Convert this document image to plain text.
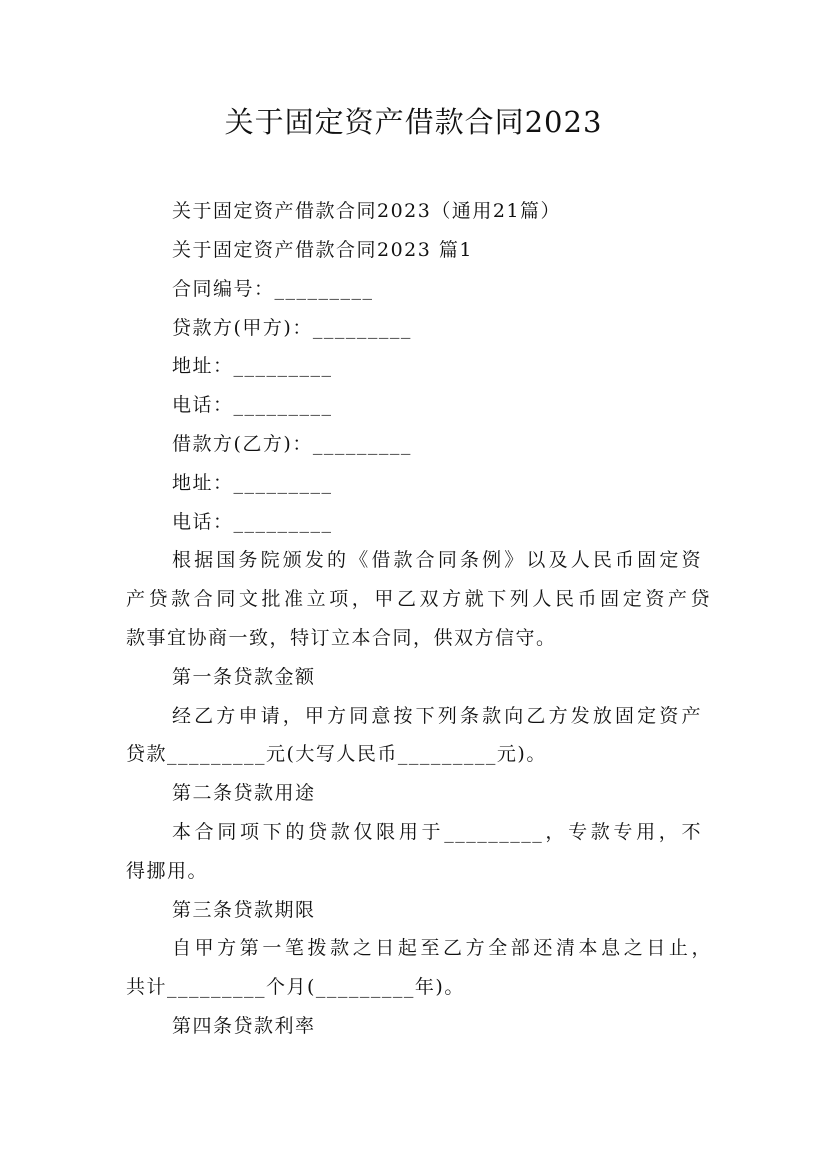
关于固定资产借款合同2023
关于固定资产借款合同2023（通用21篇）
关于固定资产借款合同2023 篇1
合同编号：_________
贷款方(甲方)：_________
地址：_________
电话：_________
借款方(乙方)：_________
地址：_________
电话：_________
根据国务院颁发的《借款合同条例》以及人民币固定资
产贷款合同文批准立项，甲乙双方就下列人民币固定资产贷
款事宜协商一致，特订立本合同，供双方信守。
第一条贷款金额
经乙方申请，甲方同意按下列条款向乙方发放固定资产
贷款_________元(大写人民币_________元)。
第二条贷款用途
本合同项下的贷款仅限用于_________，专款专用，不
得挪用。
第三条贷款期限
自甲方第一笔拨款之日起至乙方全部还清本息之日止，
共计_________个月(_________年)。
第四条贷款利率
